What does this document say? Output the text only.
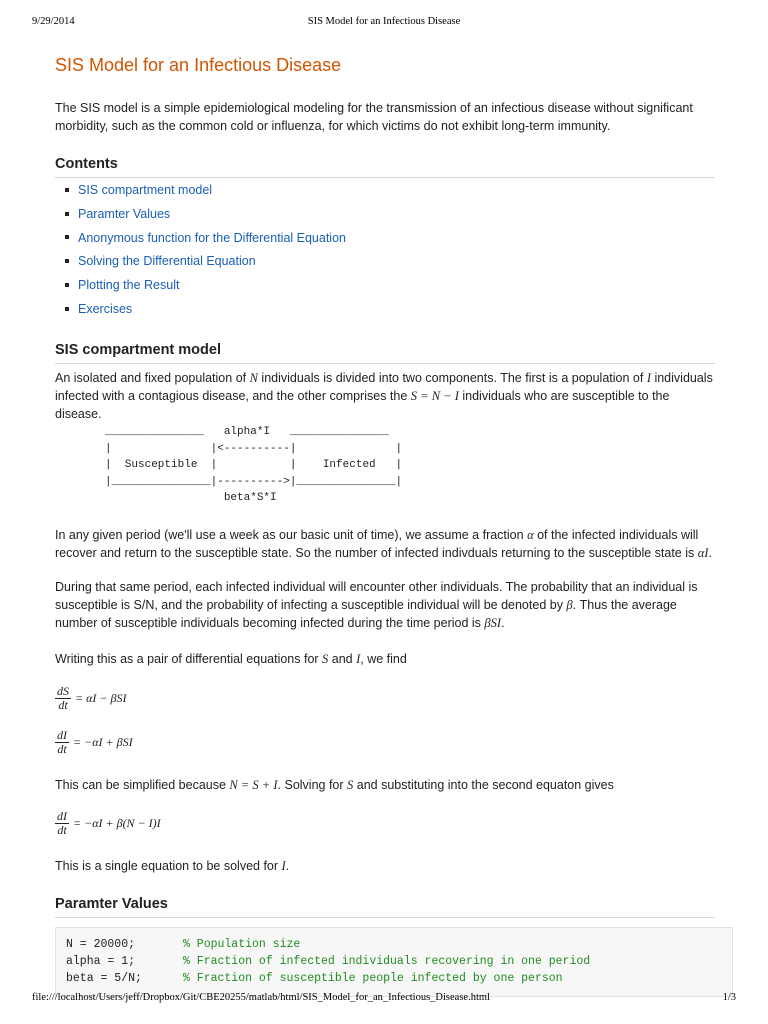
9/29/2014	SIS Model for an Infectious Disease
SIS Model for an Infectious Disease

The SIS model is a simple epidemiological modeling for the transmission of an infectious disease without significant morbidity, such as the common cold or influenza, for which victims do not exhibit long-term immunity.

Contents
SIS compartment model
Paramter Values
Anonymous function for the Differential Equation
Solving the Differential Equation
Plotting the Result
Exercises
SIS compartment model

An isolated and fixed population of N individuals is divided into two components. The first is a population of I individuals infected with a contagious disease, and the other comprises the S = N − I individuals who are susceptible to the disease.

_______________   alpha*I   _______________
|               |<----------|               |
|  Susceptible  |           |    Infected   |
|_______________|---------->|_______________|
beta*S*I

In any given period (we'll use a week as our basic unit of time), we assume a fraction α of the infected individuals will recover and return to the susceptible state. So the number of infected indivduals returning to the susceptible state is αI.

During that same period, each infected individual will encounter other individuals. The probability that an individual is susceptible is S/N, and the probability of infecting a susceptible individual will be denoted by β. Thus the average number of susceptible individuals becoming infected during the time period is βSI.

Writing this as a pair of differential equations for S and I, we find

$\frac{dS}{dt} = \alpha I - \beta SI$
$\frac{dI}{dt} = -\alpha I + \beta SI$

This can be simplified because N = S + I. Solving for S and substituting into the second equaton gives

$\frac{dI}{dt} = -\alpha I + \beta(N - I)I$

This is a single equation to be solved for I.

Paramter Values
N = 20000;	% Population size
alpha = 1;	% Fraction of infected individuals recovering in one period
beta = 5/N;	% Fraction of susceptible people infected by one person
file:///localhost/Users/jeff/Dropbox/Git/CBE20255/matlab/html/SIS_Model_for_an_Infectious_Disease.html	1/3
